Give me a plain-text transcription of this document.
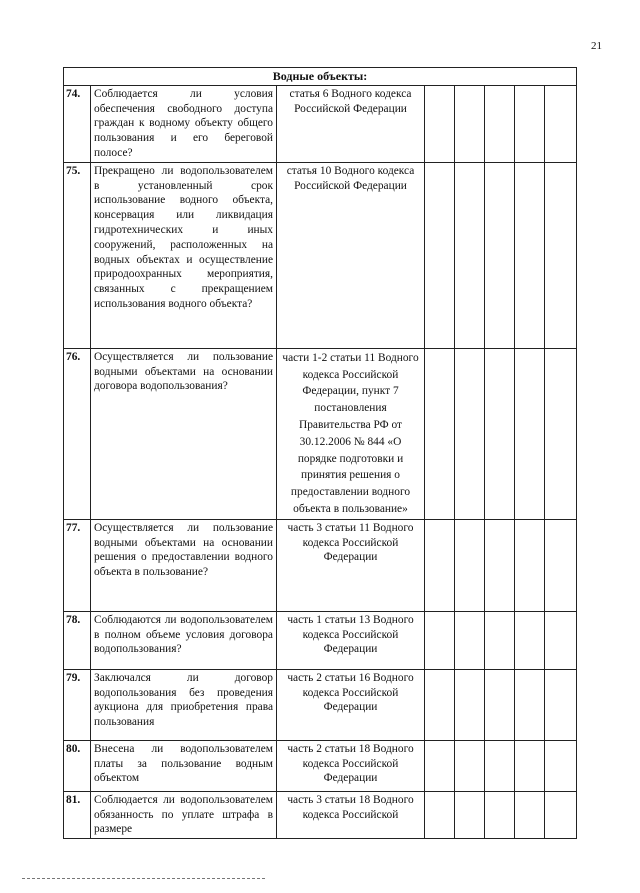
21
Водные объекты:							
74.	Соблюдается ли условия обеспечения свободного доступа граждан к водному объекту общего пользования и его береговой полосе?	статья 6 Водного кодекса Российской Федерации					
75.	Прекращено ли водопользователем в установленный срок использование водного объекта, консервация или ликвидация гидротехнических и иных сооружений, расположенных на водных объектах и осуществление природоохранных мероприятия, связанных с прекращением использования водного объекта?	статья 10 Водного кодекса Российской Федерации					
76.	Осуществляется ли пользование водными объектами на основании договора водопользования?	части 1-2 статьи 11 Водного кодекса Российской Федерации, пункт 7 постановления Правительства РФ от 30.12.2006 № 844 «О порядке подготовки и принятия решения о предоставлении водного объекта в пользование»					
77.	Осуществляется ли пользование водными объектами на основании решения о предоставлении водного объекта в пользование?	часть 3 статьи 11 Водного кодекса Российской Федерации					
78.	Соблюдаются ли водопользователем в полном объеме условия договора водопользования?	часть 1 статьи 13 Водного кодекса Российской Федерации					
79.	Заключался ли договор водопользования без проведения аукциона для приобретения права пользования	часть 2 статьи 16 Водного кодекса Российской Федерации					
80.	Внесена ли водопользователем платы за пользование водным объектом	часть 2 статьи 18 Водного кодекса Российской Федерации					
81.	Соблюдается ли водопользователем обязанность по уплате штрафа в размере	часть 3 статьи 18 Водного кодекса Российской					
